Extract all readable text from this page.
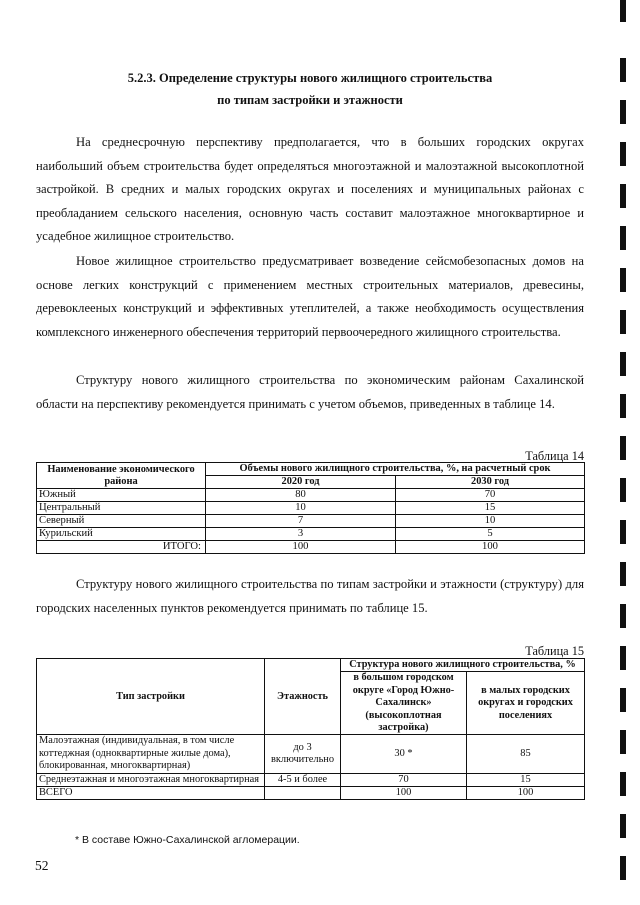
5.2.3. Определение структуры нового жилищного строительства
по типам застройки и этажности

На среднесрочную перспективу предполагается, что в больших городских округах наибольший объем строительства будет определяться многоэтажной и малоэтажной высокоплотной застройкой. В средних и малых городских округах и поселениях и муниципальных районах с преобладанием сельского населения, основную часть составит малоэтажное многоквартирное и усадебное жилищное строительство.

Новое жилищное строительство предусматривает возведение сейсмобезопасных домов на основе легких конструкций с применением местных строительных материалов, древесины, деревоклееных конструкций и эффективных утеплителей, а также необходимость осуществления комплексного инженерного обеспечения территорий первоочередного жилищного строительства.

Структуру нового жилищного строительства по экономическим районам Сахалинской области на перспективу рекомендуется принимать с учетом объемов, приведенных в таблице 14.

Таблица 14
Наименование экономического района	Объемы нового жилищного строительства, %, на расчетный срок	
	2020 год	2030 год
Южный	80	70
Центральный	10	15
Северный	7	10
Курильский	3	5
ИТОГО:	100	100

Структуру нового жилищного строительства по типам застройки и этажности (структуру) для городских населенных пунктов рекомендуется принимать по таблице 15.

Таблица 15
Тип застройки	Этажность	Структура нового жилищного строительства, %	
		в большом городском округе «Город Южно-Сахалинск» (высокоплотная застройка)	в малых городских округах и городских поселениях
Малоэтажная (индивидуальная, в том числе коттеджная (одноквартирные жилые дома), блокированная, многоквартирная)	до 3 включительно	30 *	85
Среднеэтажная и многоэтажная многоквартирная	4-5 и более	70	15
ВСЕГО		100	100
* В составе Южно-Сахалинской агломерации.
52
